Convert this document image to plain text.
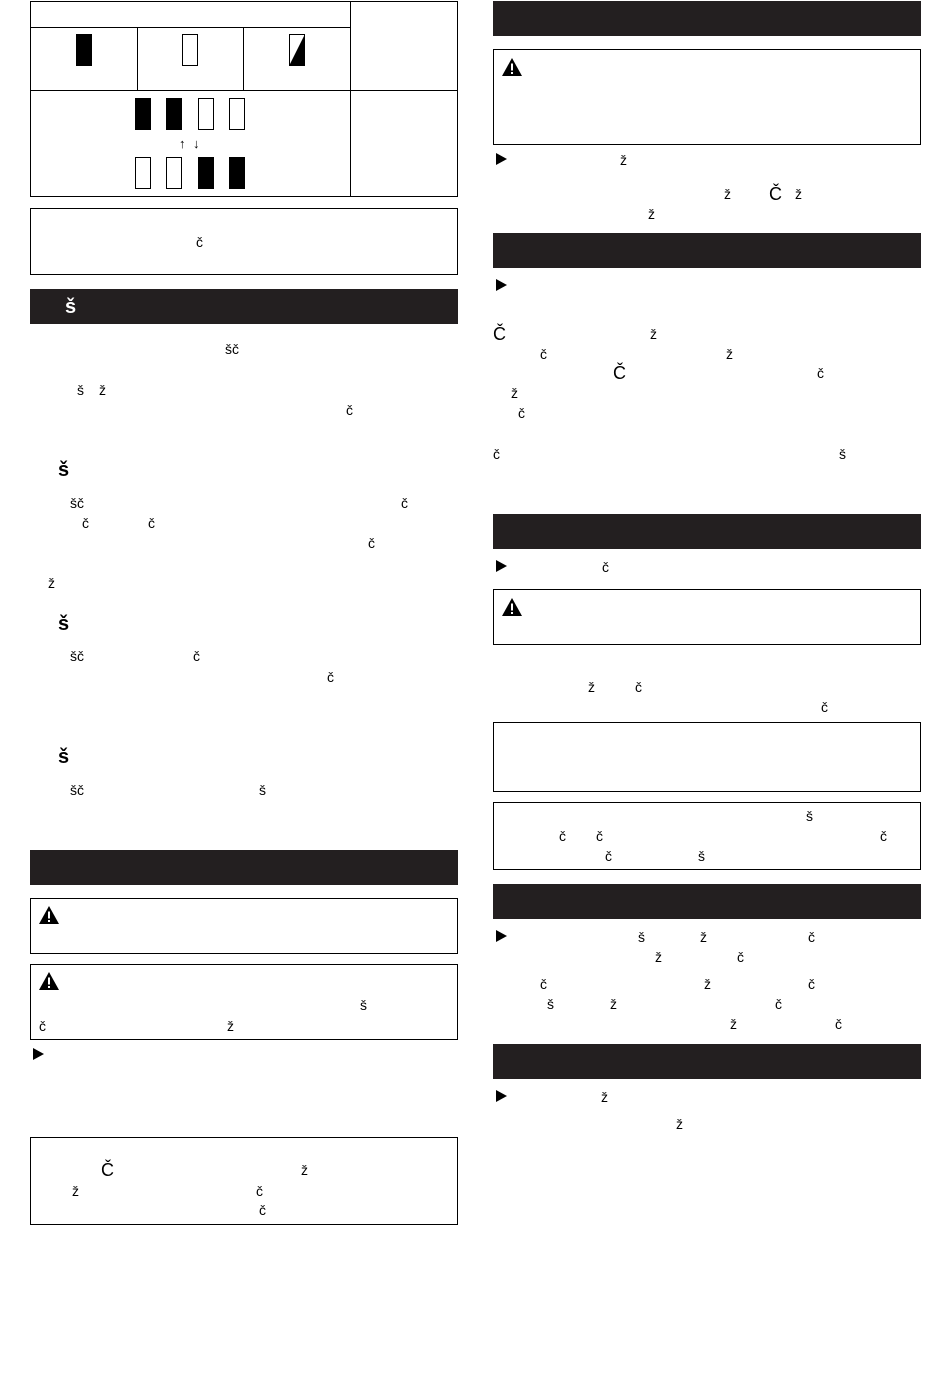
↑ ↓
č
š
šč
š ž
č
š
šč	č
č	č
č
ž
š
šč	č
č
š
šč	š
š
č	ž
Č	ž
ž	č
č
ž
ž Č ž
ž
Č	ž
č	ž
Č	č
ž
č
č	š
č
ž	č
č
š
č č	č
č	š
š	ž	č
ž	č
č	ž	č
š	ž	č
ž	č
ž
ž
